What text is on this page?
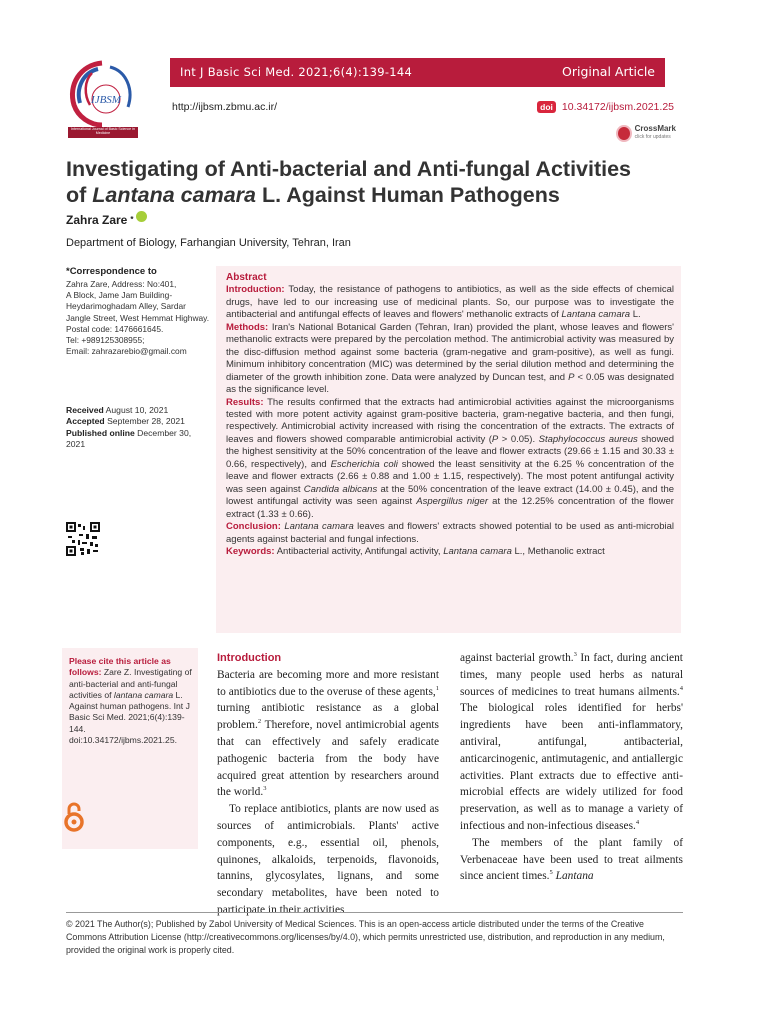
IJBSM
International Journal of Basic Science in Medicine
Int J Basic Sci Med. 2021;6(4):139-144	Original Article
http://ijbsm.zbmu.ac.ir/	doi 10.34172/ijbsm.2021.25
CrossMark
click for updates
Investigating of Anti-bacterial and Anti-fungal Activities
of Lantana camara L. Against Human Pathogens
Zahra Zare *
Department of Biology, Farhangian University, Tehran, Iran
*Correspondence to
Zahra Zare, Address: No:401,
A Block, Jame Jam Building-
Heydarimoghadam Alley, Sardar
Jangle Street, West Hemmat Highway.
Postal code: 1476661645.
Tel: +989125308955;
Email: zahrazarebio@gmail.com
Received August 10, 2021
Accepted September 28, 2021
Published online December 30, 2021
Abstract
Introduction: Today, the resistance of pathogens to antibiotics, as well as the side effects of chemical drugs, have led to our increasing use of medicinal plants. So, our purpose was to investigate the antibacterial and antifungal effects of leaves and flowers' methanolic extracts of Lantana camara L.
Methods: Iran's National Botanical Garden (Tehran, Iran) provided the plant, whose leaves and flowers' methanolic extracts were prepared by the percolation method. The antimicrobial activity was measured by the disc-diffusion method against some bacteria (gram-negative and gram-positive), as well as fungi. Minimum inhibitory concentration (MIC) was determined by the serial dilution method and determining the diameter of the growth inhibition zone. Data were analyzed by Duncan test, and P < 0.05 was designated as the significance level.
Results: The results confirmed that the extracts had antimicrobial activities against the microorganisms tested with more potent activity against gram-positive bacteria, gram-negative bacteria, and then fungi, respectively. Antimicrobial activity increased with rising the concentration of the extracts. The extracts of leaves and flowers showed comparable antimicrobial activity (P > 0.05). Staphylococcus aureus showed the highest sensitivity at the 50% concentration of the leave and flower extracts (29.66 ± 1.15 and 30.33 ± 0.66, respectively), and Escherichia coli showed the least sensitivity at the 6.25 % concentration of the leave and flower extracts (2.66 ± 0.88 and 1.00 ± 1.15, respectively). The most potent antifungal activity was seen against Candida albicans at the 50% concentration of the leave extract (14.00 ± 0.45), and the lowest antifungal activity was seen against Aspergillus niger at the 12.25% concentration of the flower extract (1.33 ± 0.66).
Conclusion: Lantana camara leaves and flowers' extracts showed potential to be used as anti-microbial agents against bacterial and fungal infections.
Keywords: Antibacterial activity, Antifungal activity, Lantana camara L., Methanolic extract
Please cite this article as follows: Zare Z. Investigating of anti-bacterial and anti-fungal activities of lantana camara L. Against human pathogens. Int J Basic Sci Med. 2021;6(4):139-144. doi:10.34172/ijbms.2021.25.
Introduction

Bacteria are becoming more and more resistant to antibiotics due to the overuse of these agents,$^1$ turning antibiotic resistance as a global problem.$^2$ Therefore, novel antimicrobial agents that can effectively and safely eradicate pathogenic bacteria from the body have acquired great attention by researchers around the world.$^3$

To replace antibiotics, plants are now used as sources of antimicrobials. Plants' active components, e.g., essential oil, phenols, quinones, alkaloids, terpenoids, flavonoids, tannins, glycosylates, lignans, and some secondary metabolites, have been noted to participate in their activities

against bacterial growth.$^3$ In fact, during ancient times, many people used herbs as natural sources of medicines to treat humans ailments.$^4$ The biological roles identified for herbs' ingredients have been anti-inflammatory, antiviral, antifungal, antibacterial, anticarcinogenic, antimutagenic, and antiallergic activities. Plant extracts due to effective anti-microbial effects are widely utilized for food preservation, as well as to manage a variety of infectious and non-infectious diseases.$^4$

The members of the plant family of Verbenaceae have been used to treat ailments since ancient times.$^5$ Lantana

© 2021 The Author(s); Published by Zabol University of Medical Sciences. This is an open-access article distributed under the terms of the Creative Commons Attribution License (http://creativecommons.org/licenses/by/4.0), which permits unrestricted use, distribution, and reproduction in any medium, provided the original work is properly cited.
